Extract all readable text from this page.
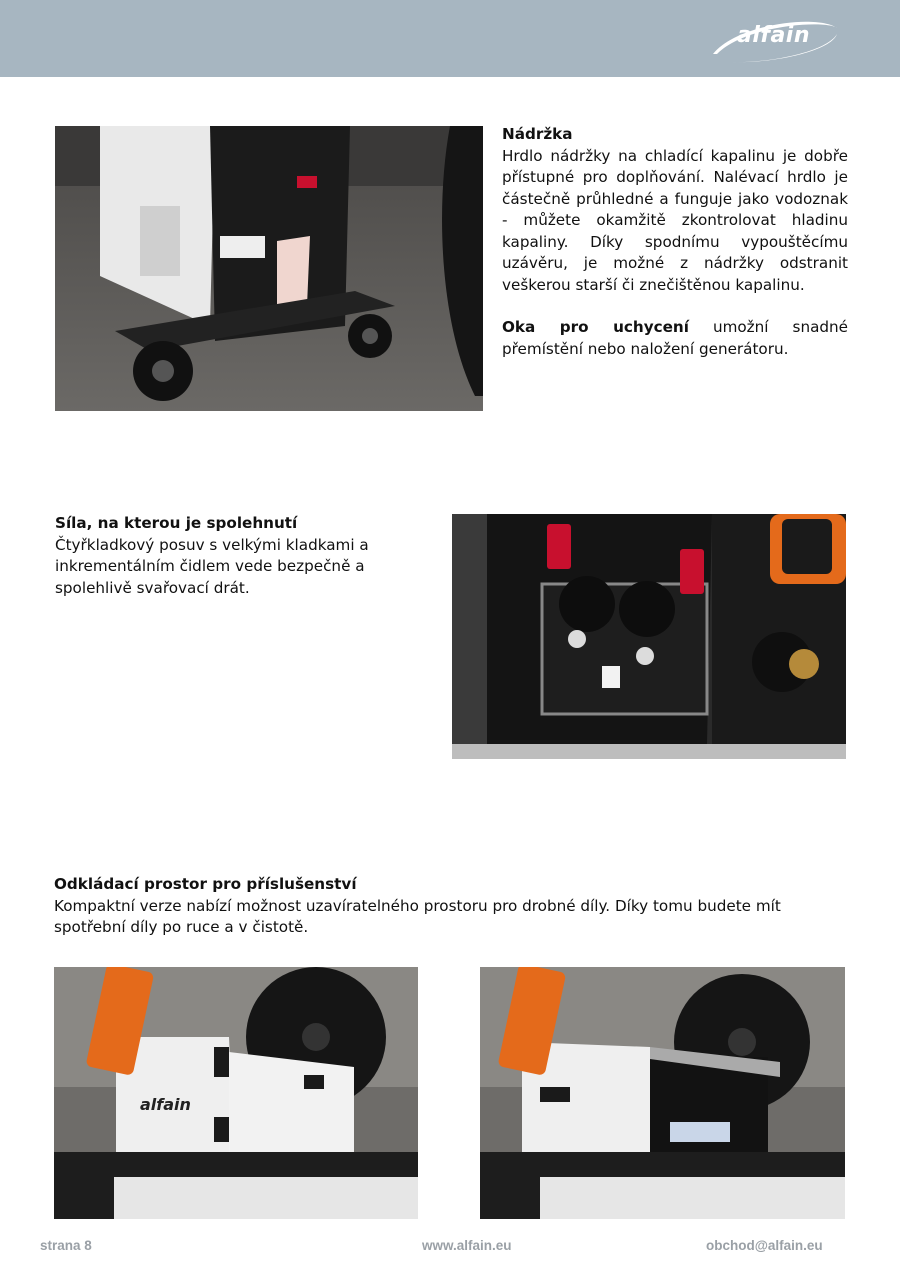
alfain
Nádržka

Hrdlo nádržky na chladící kapalinu je dobře přístupné pro doplňování. Nalévací hrdlo je částečně průhledné a funguje jako vodoznak - můžete okamžitě zkontrolovat hladinu kapaliny. Díky spodnímu vypouštěcímu uzávěru, je možné z nádržky odstranit veškerou starší či znečištěnou kapalinu.

Oka pro uchycení umožní snadné přemístění nebo naložení generátoru.

Síla, na kterou je spolehnutí

Čtyřkladkový posuv s velkými kladkami a inkrementálním čidlem vede bezpečně a spolehlivě svařovací drát.

Odkládací prostor pro příslušenství

Kompaktní verze nabízí možnost uzavíratelného prostoru pro drobné díly. Díky tomu budete mít spotřební díly po ruce a v čistotě.

alfain
strana 8	www.alfain.eu	obchod@alfain.eu
